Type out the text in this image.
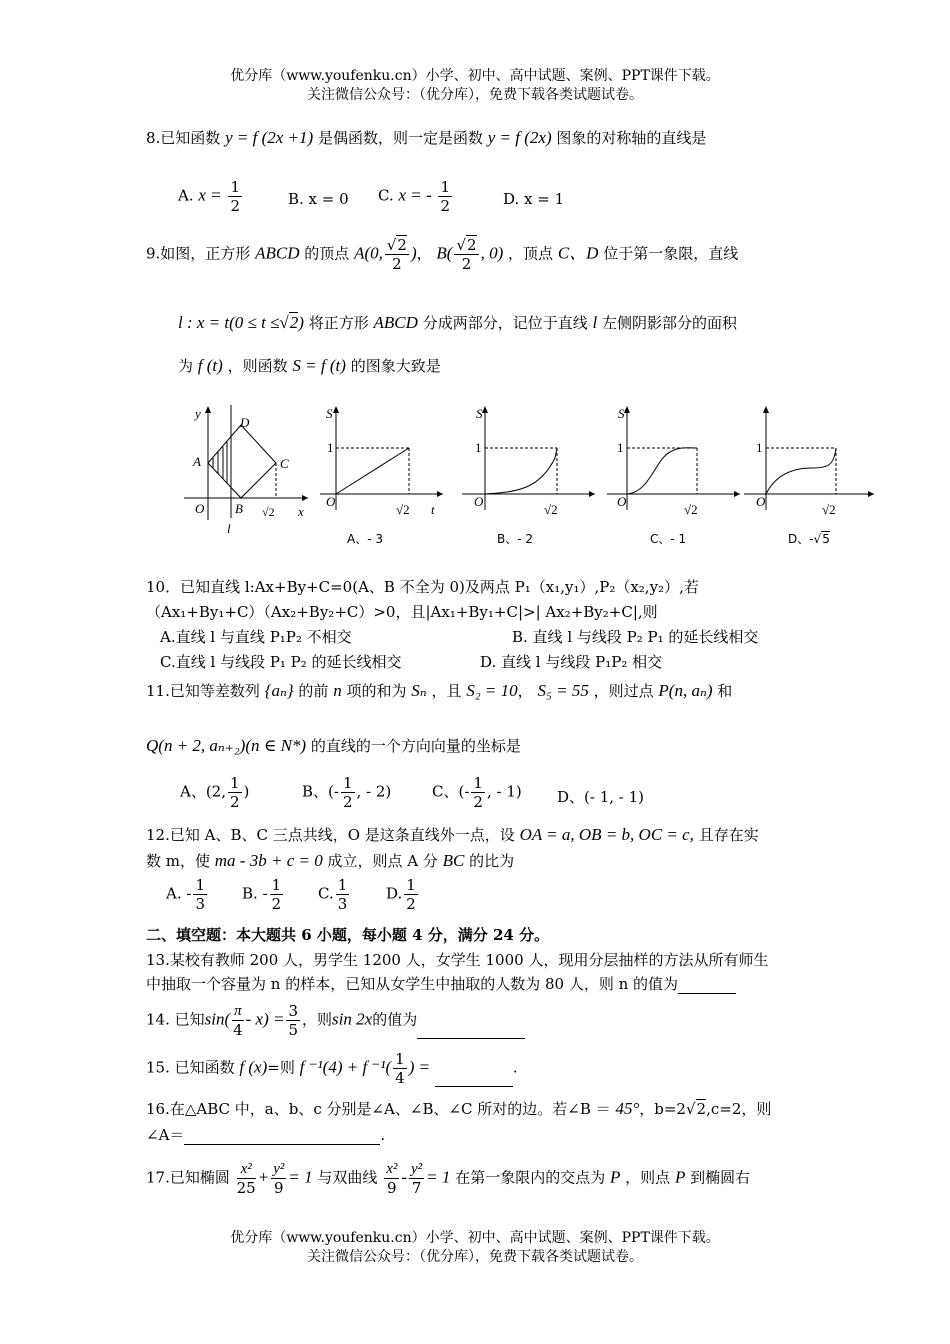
优分库（www.youfenku.cn）小学、初中、高中试题、案例、PPT课件下载。
关注微信公众号：（优分库），免费下载各类试题试卷。
8.已知函数 y = f (2x +1) 是偶函数，则一定是函数 y = f (2x) 图象的对称轴的直线是
A. $x = \frac{1}{2}$	B. x = 0 C. x = - $\frac{1}{2}$	D. x = 1
9.如图，正方形 ABCD 的顶点 A(0, $\frac{√2}{2}$ )， $B( \frac{√2}{2}$ , 0) ，顶点 C、D 位于第一象限，直线
l : x = t(0 ≤ t ≤√2) 将正方形 ABCD 分成两部分，记位于直线 l 左侧阴影部分的面积
为 f (t) ，则函数 S = f (t) 的图象大致是
y
x
A
B
C
D
O
l
√2
S
1
O
t
√2
A、- 3
S
1
O
√2
B、- 2
S
1
O
√2
C、- 1
1
O
√2
D、-√5
10．已知直线 l:Ax+By+C=0(A、B 不全为 0)及两点 P₁（x₁,y₁）,P₂（x₂,y₂）,若
（Ax₁+By₁+C）（Ax₂+By₂+C）>0，且|Ax₁+By₁+C|>| Ax₂+By₂+C|,则
A.直线 l 与直线 P₁P₂ 不相交	B. 直线 l 与线段 P₂ P₁ 的延长线相交
C.直线 l 与线段 P₁ P₂ 的延长线相交	D. 直线 l 与线段 P₁P₂ 相交
11.已知等差数列 {aₙ} 的前 n 项的和为 Sₙ ，且 S₂ = 10， S₅ = 55 ，则过点 P(n, aₙ) 和
Q(n + 2, aₙ₊₂)(n ∈ N*) 的直线的一个方向向量的坐标是
A、(2, $\frac{1}{2}$ )	B、(- $\frac{1}{2}$ , - 2)	C、(- $\frac{1}{2}$ , - 1) D、(- 1, - 1)
12.已知 A、B、C 三点共线，O 是这条直线外一点，设 OA = a, OB = b, OC = c, 且存在实
数 m，使 ma - 3b + c = 0 成立，则点 A 分 BC 的比为
A. - $\frac{1}{3} B$. - $\frac{1}{2} C$. $\frac{1}{3} D$. $\frac{1}{2}$
二、填空题：本大题共 6 小题，每小题 4 分，满分 24 分。
13.某校有教师 200 人，男学生 1200 人，女学生 1000 人，现用分层抽样的方法从所有师生
中抽取一个容量为 n 的样本，已知从女学生中抽取的人数为 80 人，则 n 的值为
14. 已知$\sin( \frac{\pi}{4} - x) = \frac{3}{5}$ ，则sin 2x的值为
15. 已知函数 f (x)=则 f ⁻¹(4) + f $^{-1}( \frac{1}{4}$ ) =	.
16.在△ABC 中，a、b、c 分别是∠A、∠B、∠C 所对的边。若∠B ＝ 45°，b=2√2,c=2，则
∠A＝	.
17.已知椭圆 $\frac{\text{x²}}{25} + \frac{\text{y²}}{9} = 1$ 与双曲线 $\frac{\text{x²}}{9} - \frac{\text{y²}}{7} = 1$ 在第一象限内的交点为 P ，则点 P 到椭圆右
优分库（www.youfenku.cn）小学、初中、高中试题、案例、PPT课件下载。
关注微信公众号：（优分库），免费下载各类试题试卷。
